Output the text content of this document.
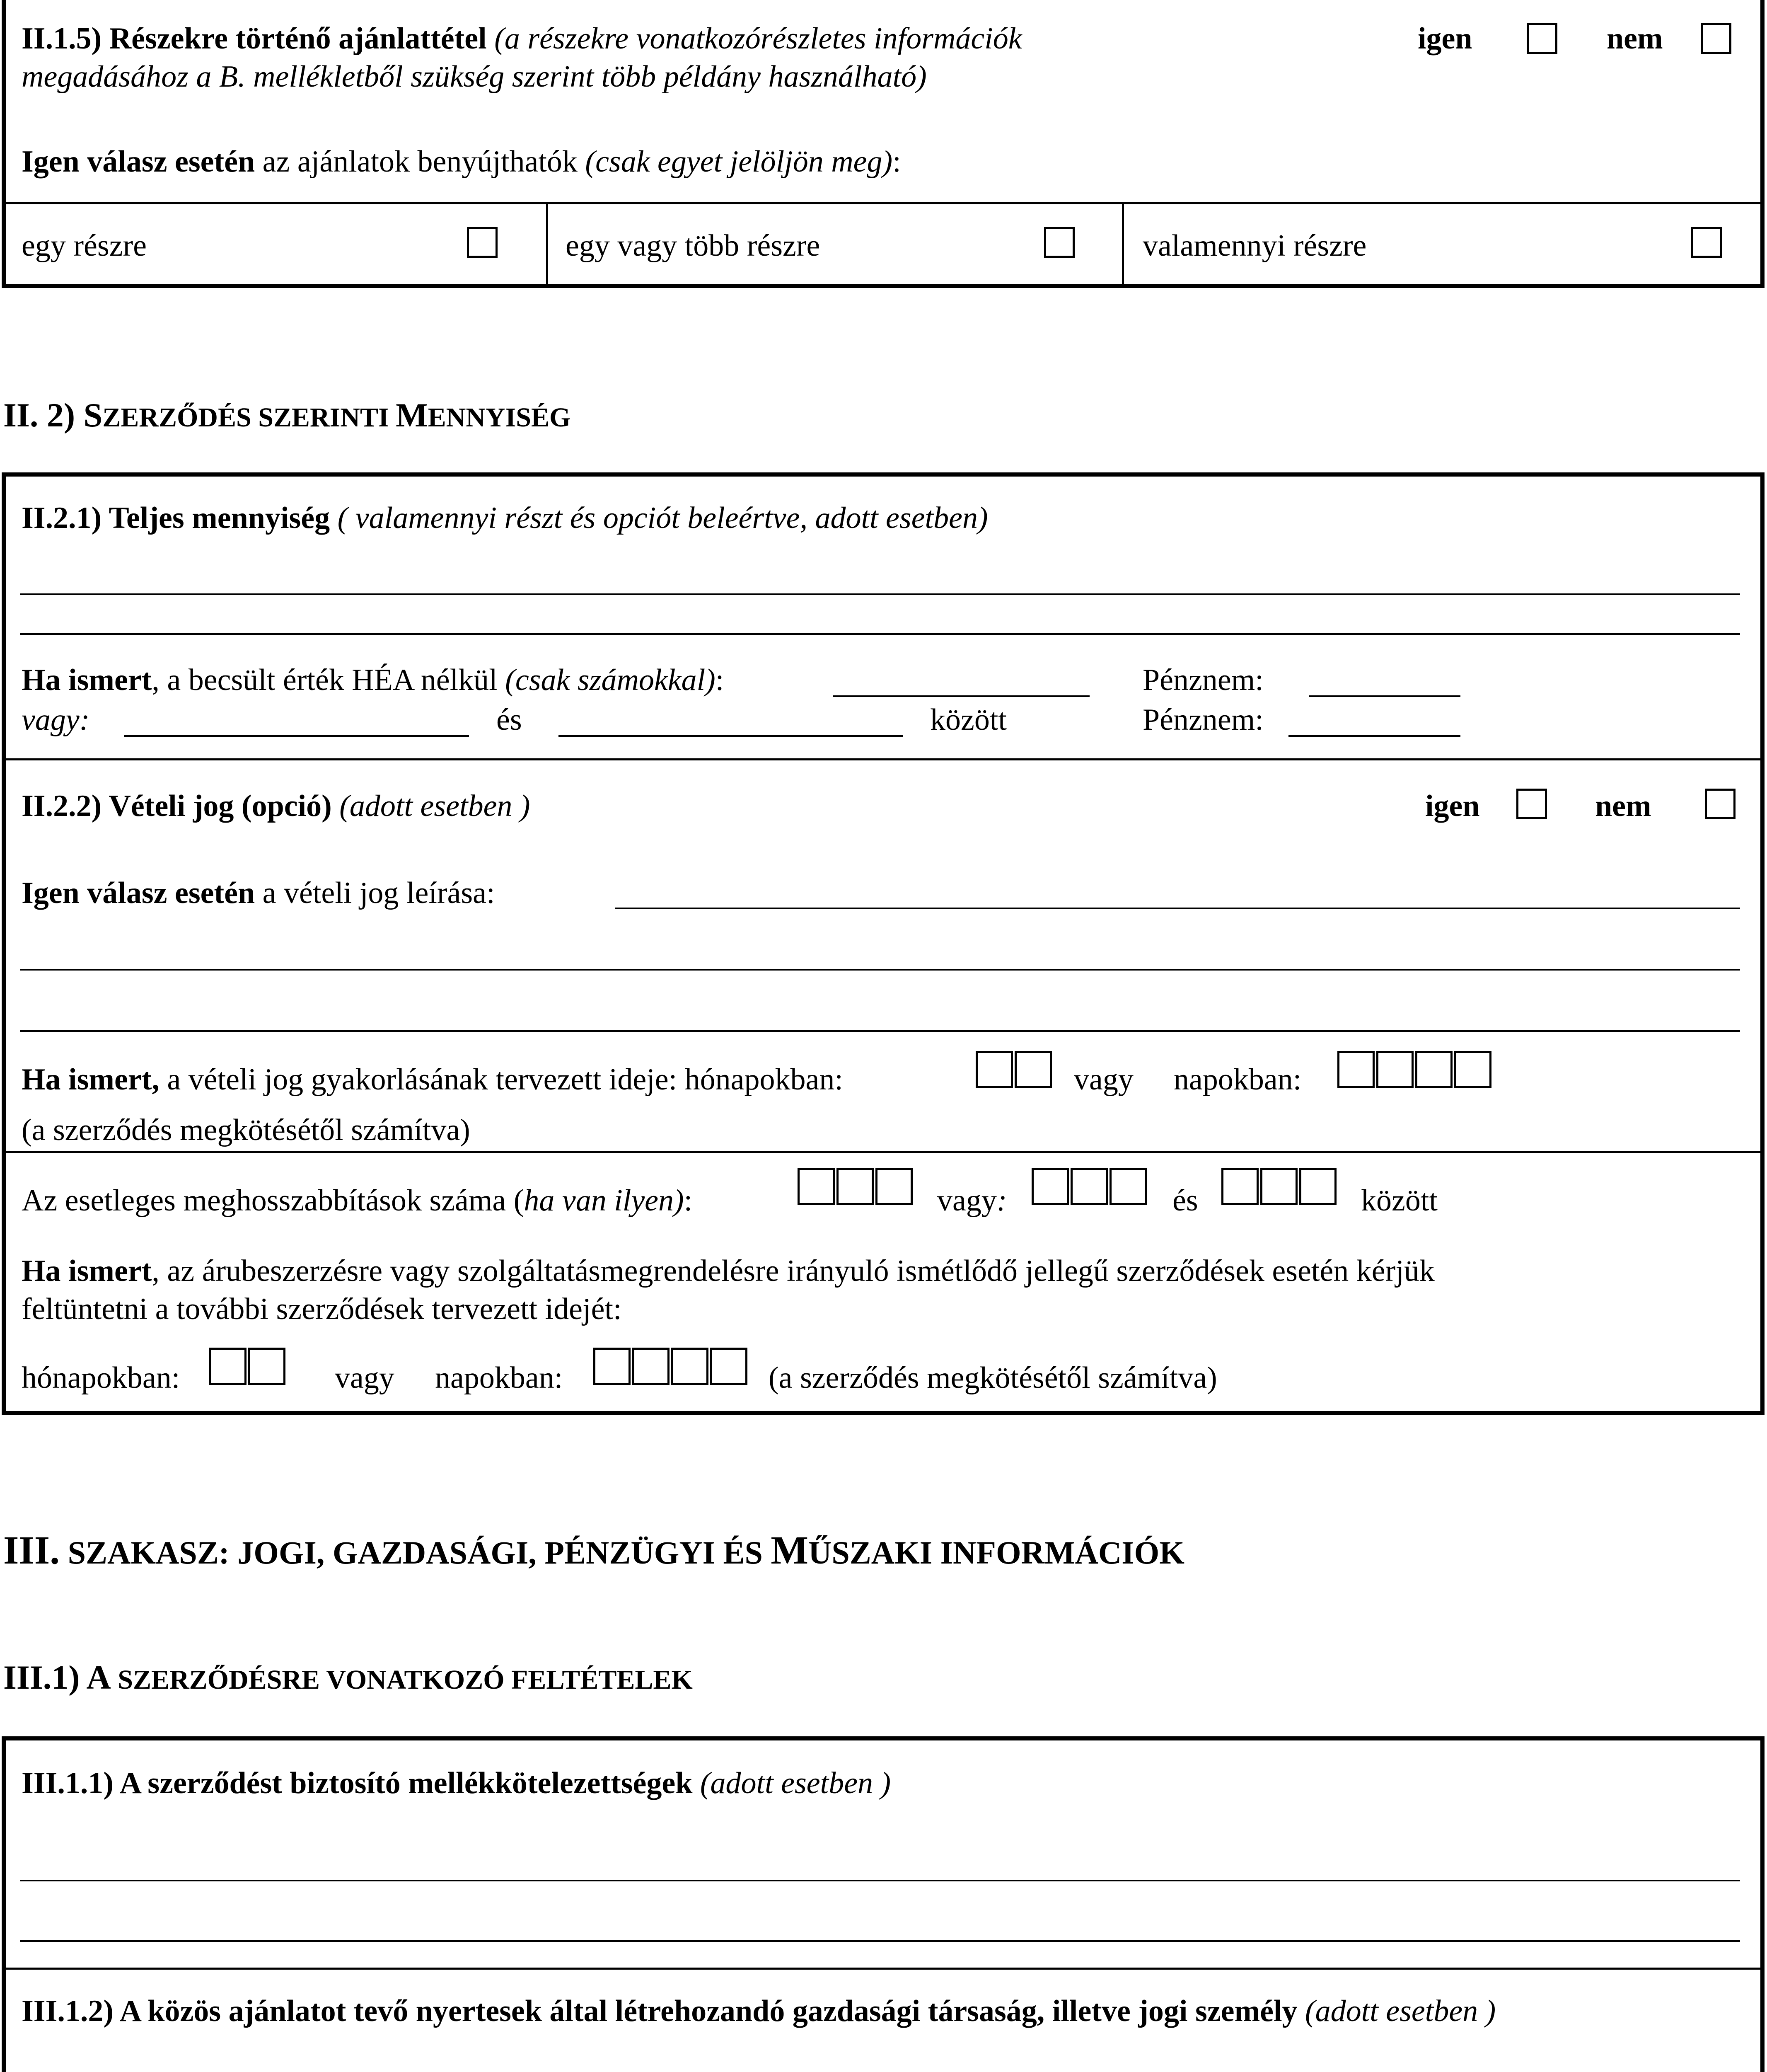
II.1.5) Részekre történő ajánlattétel (a részekre vonatkozórészletes információk
megadásához a B. mellékletből szükség szerint több példány használható)
igen	nem
Igen válasz esetén az ajánlatok benyújthatók (csak egyet jelöljön meg):
egy részre	egy vagy több részre	valamennyi részre
II. 2) SZERZŐDÉS SZERINTI MENNYISÉG
II.2.1) Teljes mennyiség ( valamennyi részt és opciót beleértve, adott esetben)
Ha ismert, a becsült érték HÉA nélkül (csak számokkal):	Pénznem:
vagy:	és	között	Pénznem:
II.2.2) Vételi jog (opció) (adott esetben )	igen	nem
Igen válasz esetén a vételi jog leírása:
Ha ismert, a vételi jog gyakorlásának tervezett ideje: hónapokban:	vagy napokban:
(a szerződés megkötésétől számítva)
Az esetleges meghosszabbítások száma (ha van ilyen):	vagy:	és	között
Ha ismert, az árubeszerzésre vagy szolgáltatásmegrendelésre irányuló ismétlődő jellegű szerződések esetén kérjük
feltüntetni a további szerződések tervezett idejét:
hónapokban:	vagy napokban:	(a szerződés megkötésétől számítva)
III. SZAKASZ: JOGI, GAZDASÁGI, PÉNZÜGYI ÉS MŰSZAKI INFORMÁCIÓK
III.1) A SZERZŐDÉSRE VONATKOZÓ FELTÉTELEK
III.1.1) A szerződést biztosító mellékkötelezettségek (adott esetben )
III.1.2) A közös ajánlatot tevő nyertesek által létrehozandó gazdasági társaság, illetve jogi személy (adott esetben )
